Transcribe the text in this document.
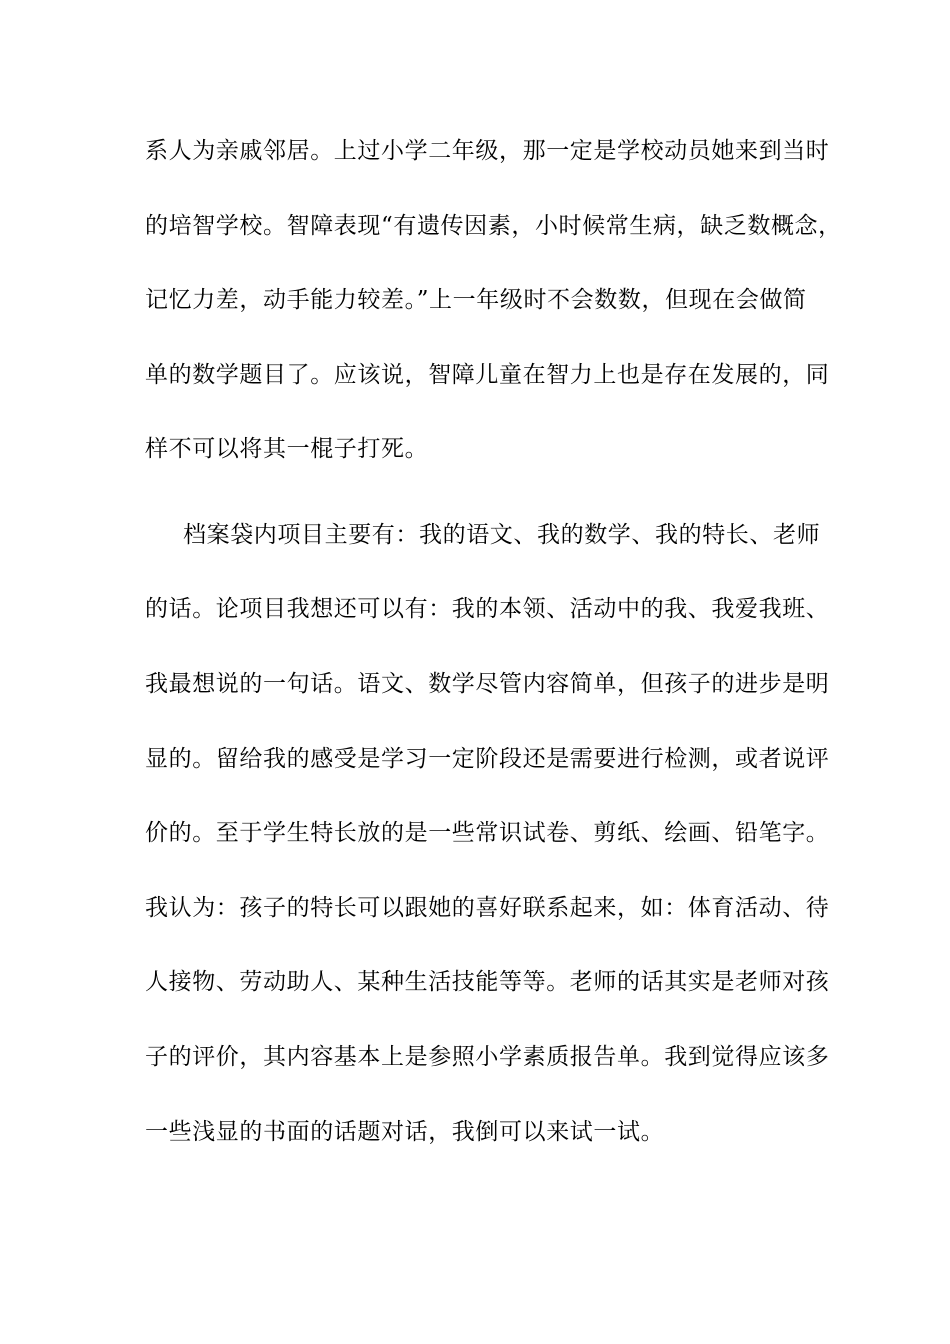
系人为亲戚邻居。上过小学二年级，那一定是学校动员她来到当时
的培智学校。智障表现“有遗传因素，小时候常生病，缺乏数概念，
记忆力差，动手能力较差。”上一年级时不会数数，但现在会做简
单的数学题目了。应该说，智障儿童在智力上也是存在发展的，同
样不可以将其一棍子打死。
档案袋内项目主要有：我的语文、我的数学、我的特长、老师
的话。论项目我想还可以有：我的本领、活动中的我、我爱我班、
我最想说的一句话。语文、数学尽管内容简单，但孩子的进步是明
显的。留给我的感受是学习一定阶段还是需要进行检测，或者说评
价的。至于学生特长放的是一些常识试卷、剪纸、绘画、铅笔字。
我认为：孩子的特长可以跟她的喜好联系起来，如：体育活动、待
人接物、劳动助人、某种生活技能等等。老师的话其实是老师对孩
子的评价，其内容基本上是参照小学素质报告单。我到觉得应该多
一些浅显的书面的话题对话，我倒可以来试一试。
